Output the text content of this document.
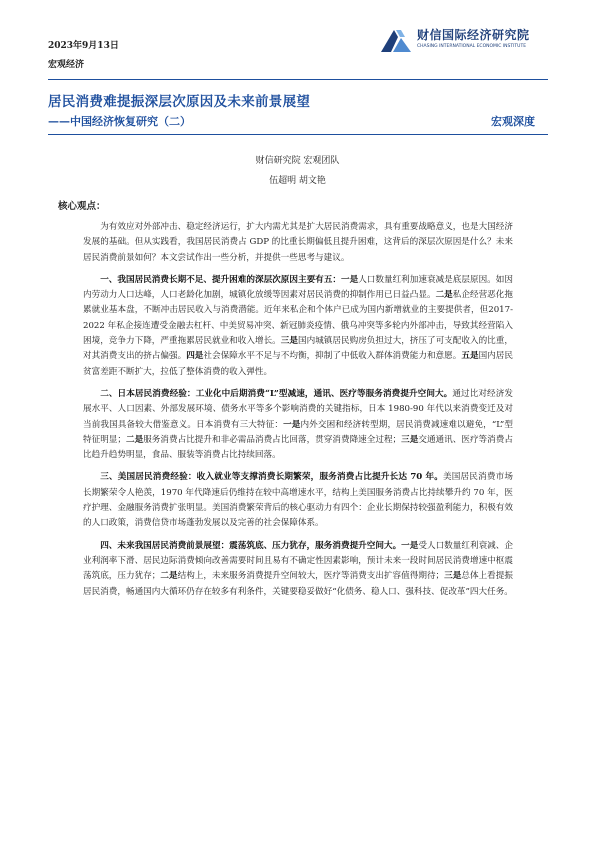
2023年9月13日
宏观经济
财信国际经济研究院
CHASING INTERNATIONAL ECONOMIC INSTITUTE
居民消费难提振深层次原因及未来前景展望
——中国经济恢复研究（二）	宏观深度
财信研究院 宏观团队
伍超明 胡文艳
核心观点：

为有效应对外部冲击、稳定经济运行，扩大内需尤其是扩大居民消费需求，具有重要战略意义，也是大国经济发展的基础。但从实践看，我国居民消费占 GDP 的比重长期偏低且提升困难，这背后的深层次原因是什么？未来居民消费前景如何？本文尝试作出一些分析，并提供一些思考与建议。

一、我国居民消费长期不足、提升困难的深层次原因主要有五：一是人口数量红利加速衰减是底层原因。如因内劳动力人口达峰，人口老龄化加剧，城镇化放缓等因素对居民消费的抑制作用已日益凸显。二是私企经营恶化拖累就业基本盘，不断冲击居民收入与消费潜能。近年来私企和个体户已成为国内新增就业的主要提供者，但2017-2022 年私企接连遭受金融去杠杆、中美贸易冲突、新冠肺炎疫情、俄乌冲突等多轮内外部冲击，导致其经营陷入困境，竞争力下降，严重拖累居民就业和收入增长。三是国内城镇居民购房负担过大，挤压了可支配收入的比重，对其消费支出的挤占偏强。四是社会保障水平不足与不均衡，抑制了中低收入群体消费能力和意愿。五是国内居民贫富差距不断扩大，拉低了整体消费的收入弹性。

二、日本居民消费经验：工业化中后期消费“L”型减速，通讯、医疗等服务消费提升空间大。通过比对经济发展水平、人口因素、外部发展环境、债务水平等多个影响消费的关键指标，日本 1980-90 年代以来消费变迁及对当前我国具备较大借鉴意义。日本消费有三大特征：一是内外交困和经济转型期，居民消费减速难以避免，“L”型特征明显；二是服务消费占比提升和非必需品消费占比回落，贯穿消费降速全过程；三是交通通讯、医疗等消费占比趋升趋势明显，食品、服装等消费占比持续回落。

三、美国居民消费经验：收入就业等支撑消费长期繁荣，服务消费占比提升长达 70 年。美国居民消费市场长期繁荣令人艳羡，1970 年代降速后仍维持在较中高增速水平，结构上美国服务消费占比持续攀升约 70 年，医疗护理、金融服务消费扩张明显。美国消费繁荣背后的核心驱动力有四个：企业长期保持较强盈利能力，积极有效的人口政策，消费信贷市场蓬勃发展以及完善的社会保障体系。

四、未来我国居民消费前景展望：震荡筑底、压力犹存，服务消费提升空间大。一是受人口数量红利衰减、企业利润率下滑、居民边际消费倾向改善需要时间且易有不确定性因素影响，预计未来一段时间居民消费增速中枢震荡筑底，压力犹存；二是结构上，未来服务消费提升空间较大，医疗等消费支出扩容值得期待；三是总体上看提振居民消费，畅通国内大循环仍存在较多有利条件，关键要稳妥做好“化债务、稳人口、强科技、促改革”四大任务。
